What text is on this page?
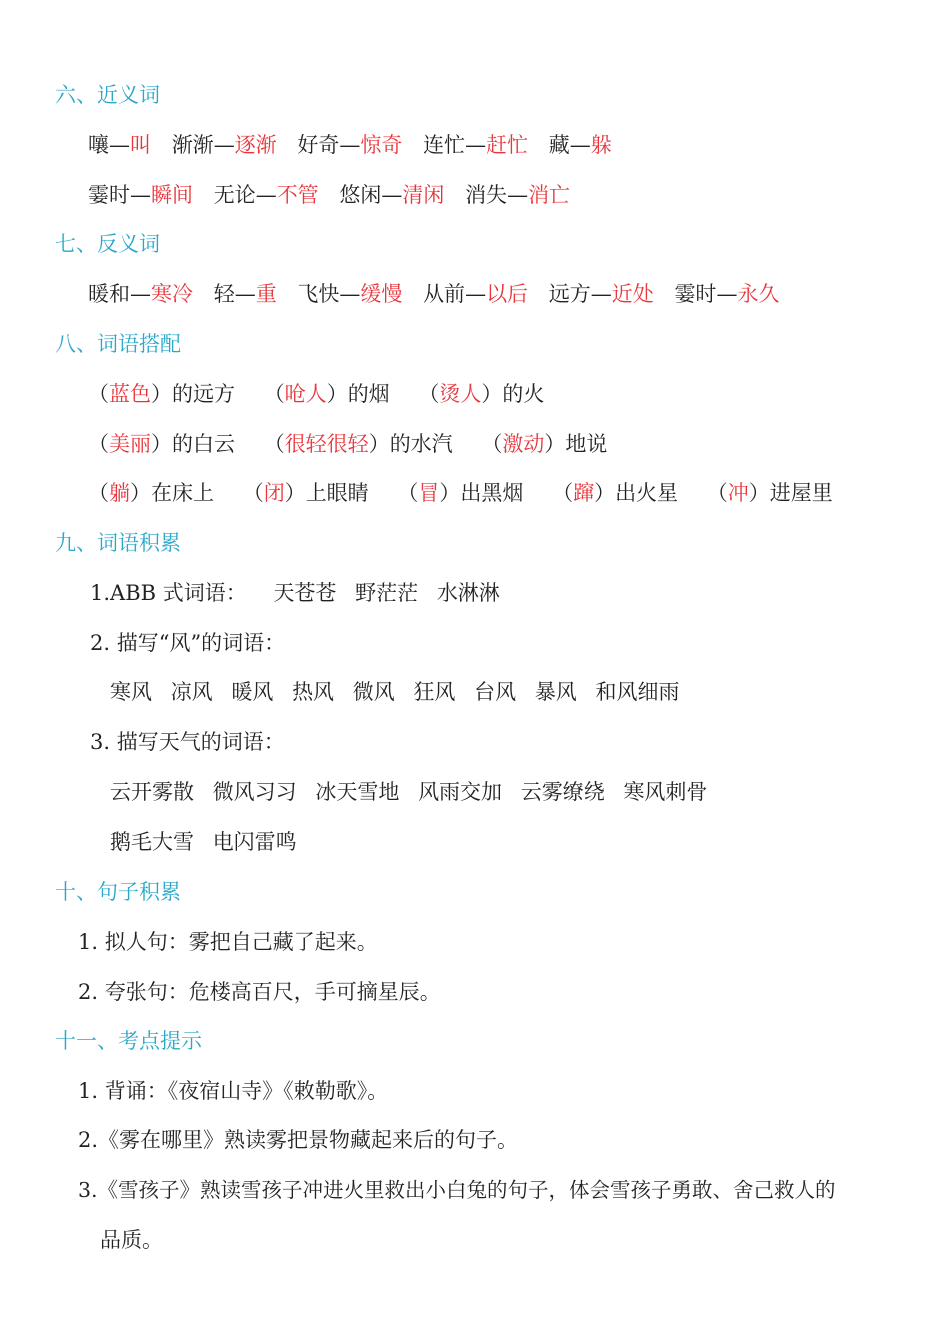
六、近义词
嚷—叫 渐渐—逐渐 好奇—惊奇 连忙—赶忙 藏—躲
霎时—瞬间 无论—不管 悠闲—清闲 消失—消亡
七、反义词
暖和—寒冷 轻—重 飞快—缓慢 从前—以后 远方—近处 霎时—永久
八、词语搭配
（蓝色）的远方 （呛人）的烟 （烫人）的火
（美丽）的白云 （很轻很轻）的水汽 （激动）地说
（躺）在床上 （闭）上眼睛 （冒）出黑烟 （蹿）出火星 （冲）进屋里
九、词语积累
1.ABB 式词语： 天苍苍 野茫茫 水淋淋
2. 描写“风”的词语：
寒风 凉风 暖风 热风 微风 狂风 台风 暴风 和风细雨
3. 描写天气的词语：
云开雾散 微风习习 冰天雪地 风雨交加 云雾缭绕 寒风刺骨
鹅毛大雪 电闪雷鸣
十、句子积累
1. 拟人句：雾把自己藏了起来。
2. 夸张句：危楼高百尺，手可摘星辰。
十一、考点提示
1. 背诵：《夜宿山寺》《敕勒歌》。
2.《雾在哪里》熟读雾把景物藏起来后的句子。
3.《雪孩子》熟读雪孩子冲进火里救出小白兔的句子，体会雪孩子勇敢、舍己救人的
品质。
